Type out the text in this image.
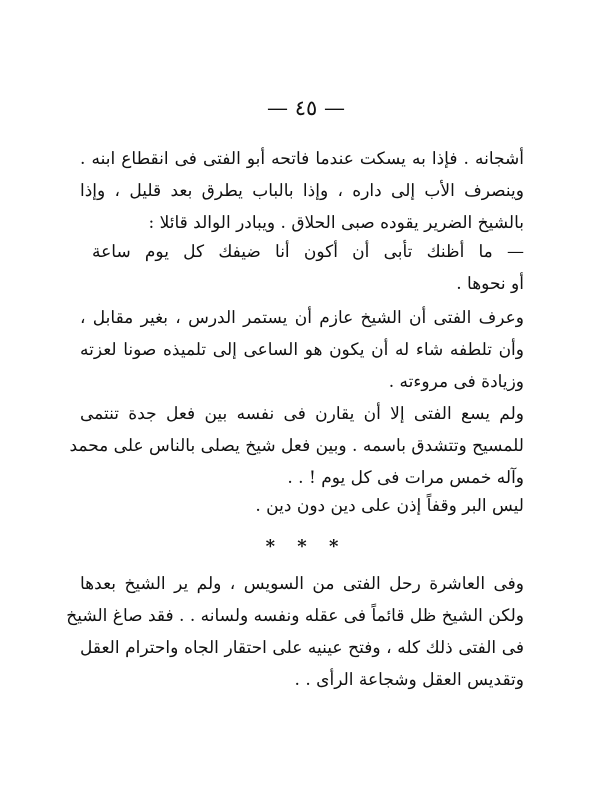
— ٤٥ —

أشجانه . فإذا به يسكت عندما فاتحه أبو الفتى فى انقطاع ابنه .
وينصرف الأب إلى داره ، وإذا بالباب يطرق بعد قليل ، وإذا
بالشيخ الضرير يقوده صبى الحلاق . ويبادر الوالد قائلا :

— ما أظنك تأبى أن أكون أنا ضيفك كل يوم ساعة
أو نحوها .

وعرف الفتى أن الشيخ عازم أن يستمر الدرس ، بغير مقابل ،
وأن تلطفه شاء له أن يكون هو الساعى إلى تلميذه صونا لعزته
وزيادة فى مروءته .

ولم يسع الفتى إلا أن يقارن فى نفسه بين فعل جدة تنتمى
للمسيح وتتشدق باسمه . وبين فعل شيخ يصلى بالناس على محمد
وآله خمس مرات فى كل يوم ! . .

ليس البر وقفاً إذن على دين دون دين .

* * *

وفى العاشرة رحل الفتى من السويس ، ولم ير الشيخ بعدها
ولكن الشيخ ظل قائماً فى عقله ونفسه ولسانه . . فقد صاغ الشيخ
فى الفتى ذلك كله ، وفتح عينيه على احتقار الجاه واحترام العقل
وتقديس العقل وشجاعة الرأى . .
